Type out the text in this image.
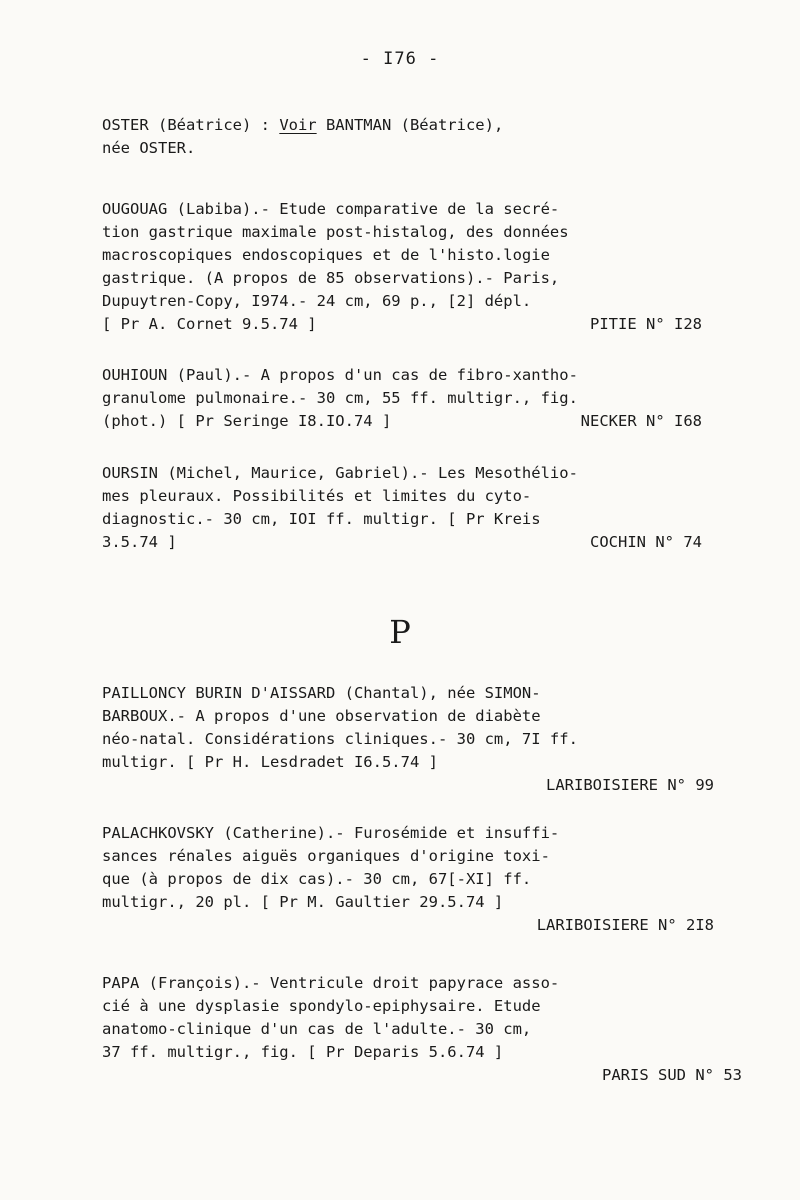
- I76 -
OSTER (Béatrice) : Voir BANTMAN (Béatrice),
née OSTER.
OUGOUAG (Labiba).- Etude comparative de la secré-
tion gastrique maximale post-histalog, des données
macroscopiques endoscopiques et de l'histo.logie
gastrique. (A propos de 85 observations).- Paris,
Dupuytren-Copy, I974.- 24 cm, 69 p., [2] dépl.
[ Pr A. Cornet 9.5.74 ]	PITIE N° I28
OUHIOUN (Paul).- A propos d'un cas de fibro-xantho-
granulome pulmonaire.- 30 cm, 55 ff. multigr., fig.
(phot.) [ Pr Seringe I8.IO.74 ]	NECKER N° I68
OURSIN (Michel, Maurice, Gabriel).- Les Mesothélio-
mes pleuraux. Possibilités et limites du cyto-
diagnostic.- 30 cm, IOI ff. multigr. [ Pr Kreis
3.5.74 ]	COCHIN N° 74
P
PAILLONCY BURIN D'AISSARD (Chantal), née SIMON-
BARBOUX.- A propos d'une observation de diabète
néo-natal. Considérations cliniques.- 30 cm, 7I ff.
multigr. [ Pr H. Lesdradet I6.5.74 ]
LARIBOISIERE N° 99
PALACHKOVSKY (Catherine).- Furosémide et insuffi-
sances rénales aiguës organiques d'origine toxi-
que (à propos de dix cas).- 30 cm, 67[-XI] ff.
multigr., 20 pl. [ Pr M. Gaultier 29.5.74 ]
LARIBOISIERE N° 2I8
PAPA (François).- Ventricule droit papyrace asso-
cié à une dysplasie spondylo-epiphysaire. Etude
anatomo-clinique d'un cas de l'adulte.- 30 cm,
37 ff. multigr., fig. [ Pr Deparis 5.6.74 ]
PARIS SUD N° 53
